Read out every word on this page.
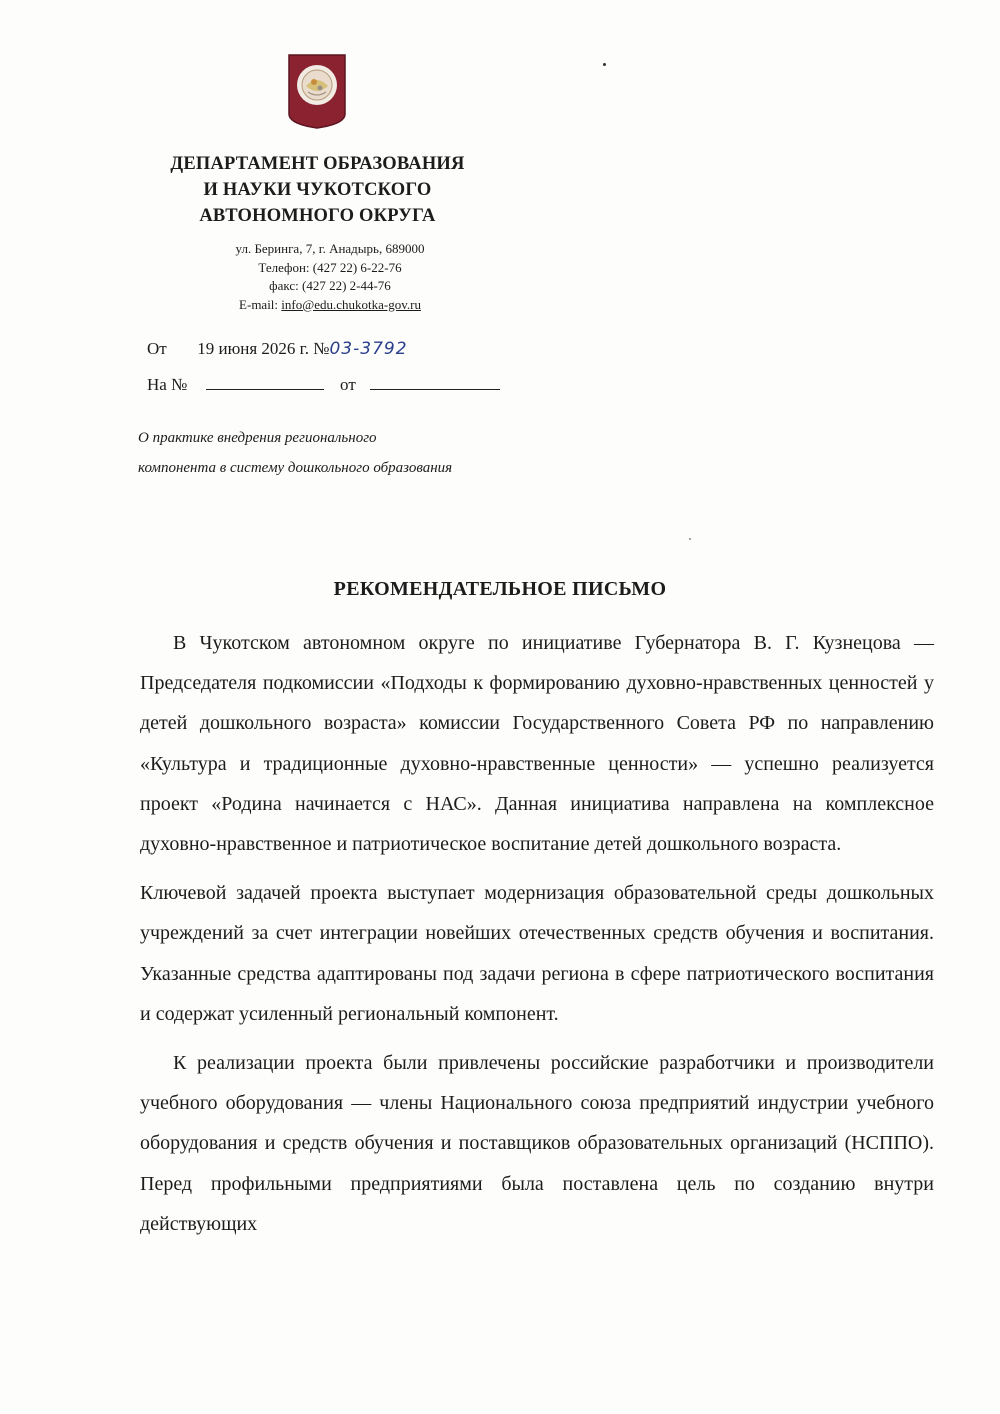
ДЕПАРТАМЕНТ ОБРАЗОВАНИЯ
И НАУКИ ЧУКОТСКОГО
АВТОНОМНОГО ОКРУГА
ул. Беринга, 7, г. Анадырь, 689000
Телефон: (427 22) 6-22-76
факс: (427 22) 2-44-76
E-mail: info@edu.chukotka-gov.ru
От 19 июня 2026 г. №03-3792
На №	от
О практике внедрения регионального
компонента в систему дошкольного образования
РЕКОМЕНДАТЕЛЬНОЕ ПИСЬМО

В Чукотском автономном округе по инициативе Губернатора В. Г. Кузнецова — Председателя подкомиссии «Подходы к формированию духовно-нравственных ценностей у детей дошкольного возраста» комиссии Государственного Совета РФ по направлению «Культура и традиционные духовно-нравственные ценности» — успешно реализуется проект «Родина начинается с НАС». Данная инициатива направлена на комплексное духовно-нравственное и патриотическое воспитание детей дошкольного возраста.

Ключевой задачей проекта выступает модернизация образовательной среды дошкольных учреждений за счет интеграции новейших отечественных средств обучения и воспитания. Указанные средства адаптированы под задачи региона в сфере патриотического воспитания и содержат усиленный региональный компонент.

К реализации проекта были привлечены российские разработчики и производители учебного оборудования — члены Национального союза предприятий индустрии учебного оборудования и средств обучения и поставщиков образовательных организаций (НСППО). Перед профильными предприятиями была поставлена цель по созданию внутри действующих
